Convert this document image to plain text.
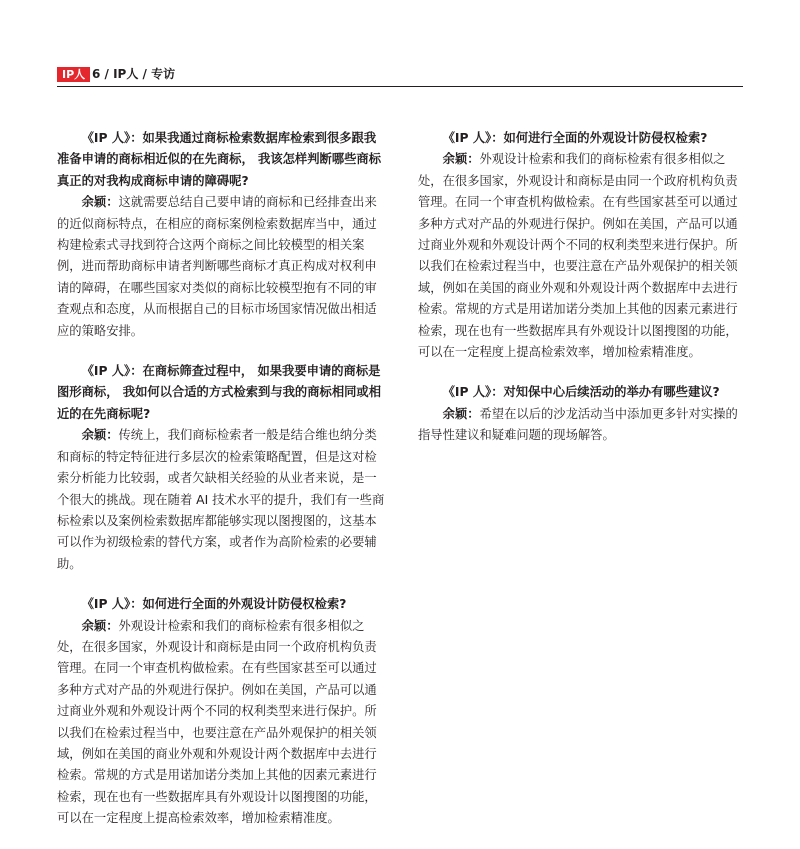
IP人 6 / IP人 / 专访

《IP 人》：如果我通过商标检索数据库检索到很多跟我准备申请的商标相近似的在先商标， 我该怎样判断哪些商标真正的对我构成商标申请的障碍呢?

余颖：这就需要总结自己要申请的商标和已经排查出来的近似商标特点，在相应的商标案例检索数据库当中，通过构建检索式寻找到符合这两个商标之间比较模型的相关案例，进而帮助商标申请者判断哪些商标才真正构成对权利申请的障碍，在哪些国家对类似的商标比较模型抱有不同的审查观点和态度，从而根据自己的目标市场国家情况做出相适应的策略安排。

《IP 人》：在商标筛查过程中， 如果我要申请的商标是图形商标， 我如何以合适的方式检索到与我的商标相同或相近的在先商标呢?

余颖：传统上，我们商标检索者一般是结合维也纳分类和商标的特定特征进行多层次的检索策略配置，但是这对检索分析能力比较弱，或者欠缺相关经验的从业者来说，是一个很大的挑战。现在随着 AI 技术水平的提升，我们有一些商标检索以及案例检索数据库都能够实现以图搜图的，这基本可以作为初级检索的替代方案，或者作为高阶检索的必要辅助。

《IP 人》：如何进行全面的外观设计防侵权检索?

余颖：外观设计检索和我们的商标检索有很多相似之处，在很多国家，外观设计和商标是由同一个政府机构负责管理。在同一个审查机构做检索。在有些国家甚至可以通过多种方式对产品的外观进行保护。例如在美国，产品可以通过商业外观和外观设计两个不同的权利类型来进行保护。所以我们在检索过程当中，也要注意在产品外观保护的相关领域，例如在美国的商业外观和外观设计两个数据库中去进行检索。常规的方式是用诺加诺分类加上其他的因素元素进行检索，现在也有一些数据库具有外观设计以图搜图的功能，可以在一定程度上提高检索效率，增加检索精准度。

《IP 人》：如何进行全面的外观设计防侵权检索?

余颖：外观设计检索和我们的商标检索有很多相似之处，在很多国家，外观设计和商标是由同一个政府机构负责管理。在同一个审查机构做检索。在有些国家甚至可以通过多种方式对产品的外观进行保护。例如在美国，产品可以通过商业外观和外观设计两个不同的权利类型来进行保护。所以我们在检索过程当中，也要注意在产品外观保护的相关领域，例如在美国的商业外观和外观设计两个数据库中去进行检索。常规的方式是用诺加诺分类加上其他的因素元素进行检索，现在也有一些数据库具有外观设计以图搜图的功能，可以在一定程度上提高检索效率，增加检索精准度。

《IP 人》：对知保中心后续活动的举办有哪些建议?

余颖：希望在以后的沙龙活动当中添加更多针对实操的指导性建议和疑难问题的现场解答。
